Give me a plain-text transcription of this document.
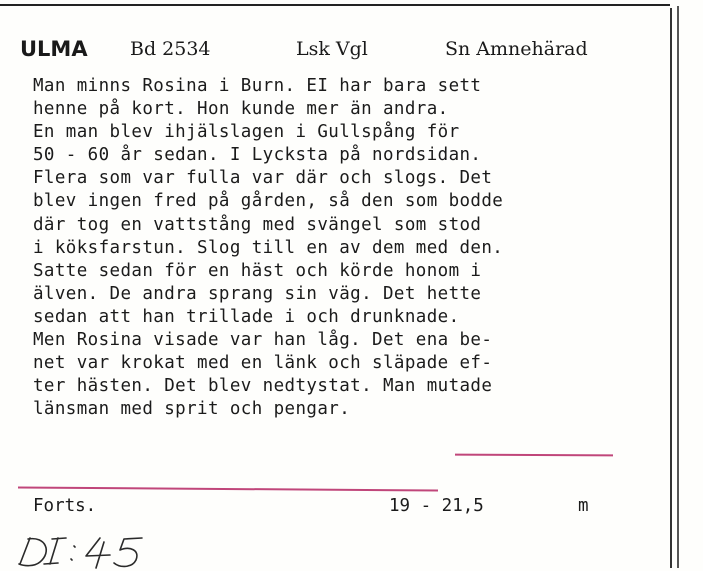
ULMA Bd 2534	Lsk Vgl	Sn Amnehärad
Man minns Rosina i Burn. EI har bara sett
henne på kort. Hon kunde mer än andra.
En man blev ihjälslagen i Gullspång för
50 - 60 år sedan. I Lycksta på nordsidan.
Flera som var fulla var där och slogs. Det
blev ingen fred på gården, så den som bodde
där tog en vattstång med svängel som stod
i köksfarstun. Slog till en av dem med den.
Satte sedan för en häst och körde honom i
älven. De andra sprang sin väg. Det hette
sedan att han trillade i och drunknade.
Men Rosina visade var han låg. Det ena be-
net var krokat med en länk och släpade ef-
ter hästen. Det blev nedtystat. Man mutade
länsman med sprit och pengar.
Forts.	19 - 21,5	m
